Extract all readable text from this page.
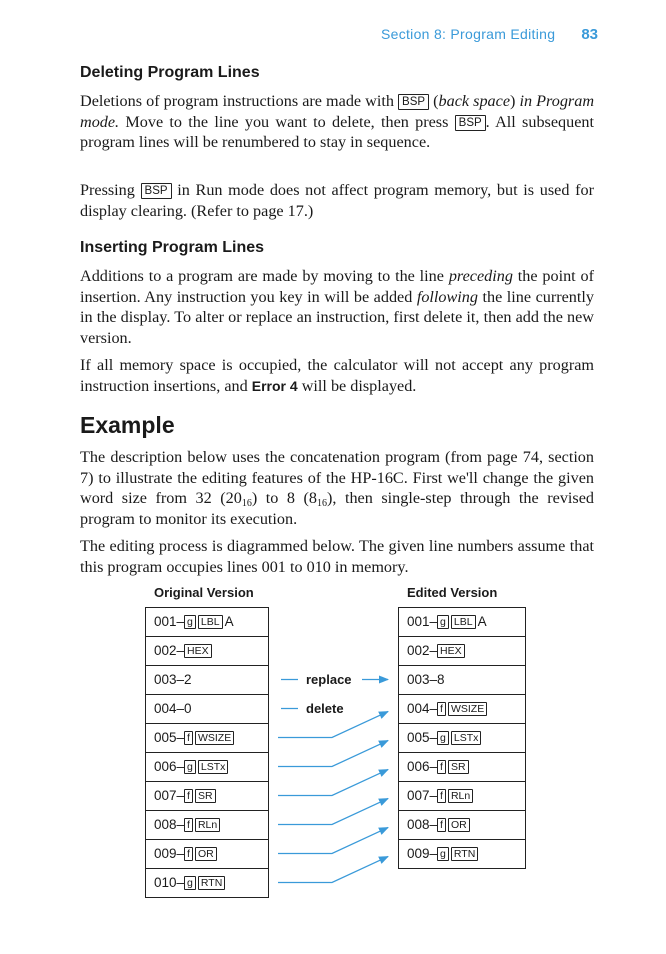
Section 8: Program Editing 83
Deleting Program Lines

Deletions of program instructions are made with BSP (back space) in Program mode. Move to the line you want to delete, then press BSP . All subsequent program lines will be renumbered to stay in sequence.

Pressing BSP in Run mode does not affect program memory, but is used for display clearing. (Refer to page 17.)

Inserting Program Lines

Additions to a program are made by moving to the line preceding the point of insertion. Any instruction you key in will be added following the line currently in the display. To alter or replace an instruction, first delete it, then add the new version.

If all memory space is occupied, the calculator will not accept any program instruction insertions, and Error 4 will be displayed.

Example

The description below uses the concatenation program (from page 74, section 7) to illustrate the editing features of the HP-16C. First we'll change the given word size from 32 $(20_{16})$ to 8 $(8_{16})$, then single-step through the revised program to monitor its execution.

The editing process is diagrammed below. The given line numbers assume that this program occupies lines 001 to 010 in memory.

Original Version	Edited Version
001– g LBL A
002– HEX
003–2
004–0
005– f WSIZE
006– g LSTx
007– f SR
008– f RLn
009– f OR
010– g RTN
001– g LBL A
002– HEX
003–8
004– f WSIZE
005– g LSTx
006– f SR
007– f RLn
008– f OR
009– g RTN
replace
delete
